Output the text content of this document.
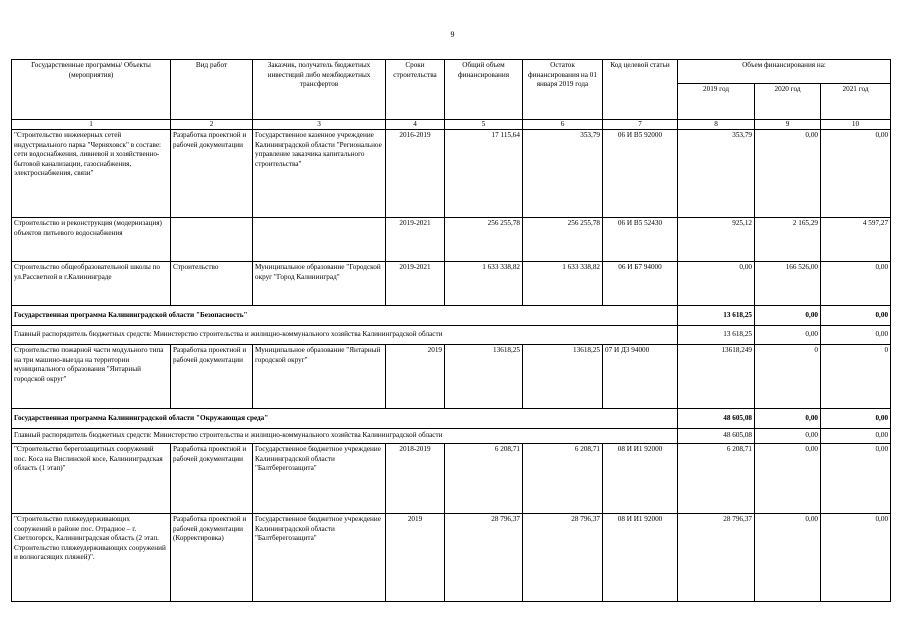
9
Государственные программы/ Объекты (мероприятия)	Вид работ	Заказчик, получатель бюджетных инвестиций либо межбюджетных трансфертов	Сроки строительства	Общий объем финансирования	Остаток финансирования на 01 января 2019 года	Код целевой статьи	Объем финансирования на:		
							2019 год	2020 год	2021 год
1	2	3	4	5	6	7	8	9	10
"Строительство инженерных сетей индустриального парка "Черняховск" в составе: сети водоснабжения, ливневой и хозяйственно-бытовой канализации, газоснабжения, электроснабжения, связи"	Разработка проектной и рабочей документации	Государственное казенное учреждение Калининградской области "Региональное управление заказчика капитального строительства"	2016-2019	17 115,64	353,79	06 И В5 92000	353,79	0,00	0,00
Строительство и реконструкция (модернизация) объектов питьевого водоснабжения			2019-2021	256 255,78	256 255,78	06 И В5 52430	925,12	2 165,29	4 597,27
Строительство общеобразовательной школы по ул.Рассветной в г.Калининграде	Строительство	Муниципальное образование "Городской округ "Город Калининград"	2019-2021	1 633 338,82	1 633 338,82	06 И Б7 94000	0,00	166 526,00	0,00
Государственная программа Калининградской области "Безопасность"							13 618,25	0,00	0,00
Главный распорядитель бюджетных средств: Министерство строительства и жилищно-коммунального хозяйства Калининградской области							13 618,25	0,00	0,00
Строительство пожарной части модульного типа на три машино-выезда на территории муниципального образования "Янтарный городской округ"	Разработка проектной и рабочей документации	Муниципальное образование "Янтарный городской округ"	2019	13618,25	13618,25	07 И Д3 94000	13618,249	0	0
Государственная программа Калининградской области "Окружающая среда"							48 605,08	0,00	0,00
Главный распорядитель бюджетных средств: Министерство строительства и жилищно-коммунального хозяйства Калининградской области							48 605,08	0,00	0,00
"Строительство берегозащитных сооружений пос. Коса на Вислинской косе, Калининградская область (1 этап)"	Разработка проектной и рабочей документации	Государственное бюджетное учреждение Калининградской области "Балтберегозащита"	2018-2019	6 208,71	6 208,71	08 И И1 92000	6 208,71	0,00	0,00
"Строительство пляжеудерживающих сооружений в районе пос. Отрадное – г. Светлогорск, Калининградская область (2 этап. Строительство пляжеудерживающих сооружений и волногасящих пляжей)".	Разработка проектной и рабочей документации (Корректировка)	Государственное бюджетное учреждение Калининградской области "Балтберегозащита"	2019	28 796,37	28 796,37	08 И И1 92000	28 796,37	0,00	0,00
